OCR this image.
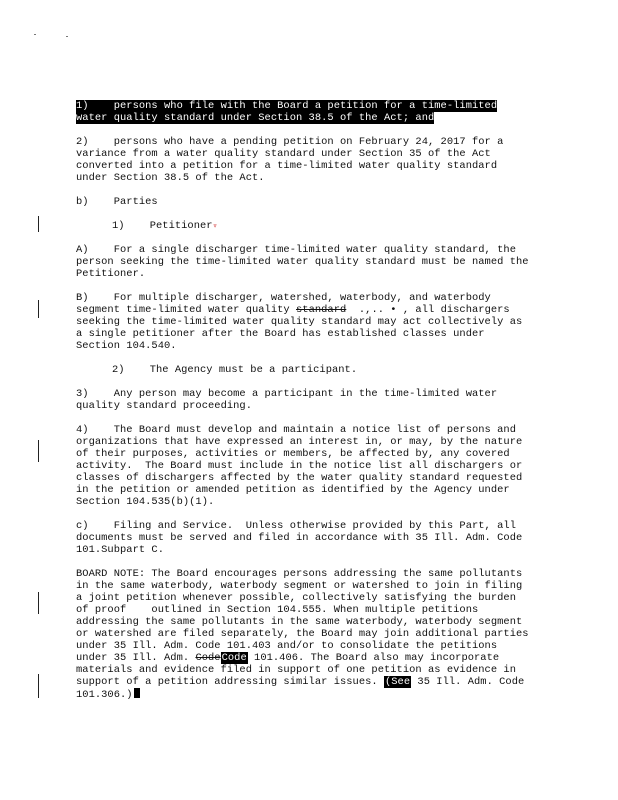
1)    persons who file with the Board a petition for a time-limited
water quality standard under Section 38.5 of the Act; and
2)    persons who have a pending petition on February 24, 2017 for a
variance from a water quality standard under Section 35 of the Act
converted into a petition for a time-limited water quality standard
under Section 38.5 of the Act.
b)    Parties
1)    Petitioner▿
A)    For a single discharger time-limited water quality standard, the
person seeking the time-limited water quality standard must be named the
Petitioner.
B)    For multiple discharger, watershed, waterbody, and waterbody
segment time-limited water quality standard  .,.. • , all dischargers
seeking the time-limited water quality standard may act collectively as
a single petitioner after the Board has established classes under
Section 104.540.
2)    The Agency must be a participant.
3)    Any person may become a participant in the time-limited water
quality standard proceeding.
4)    The Board must develop and maintain a notice list of persons and
organizations that have expressed an interest in, or may, by the nature
of their purposes, activities or members, be affected by, any covered
activity.  The Board must include in the notice list all dischargers or
classes of dischargers affected by the water quality standard requested
in the petition or amended petition as identified by the Agency under
Section 104.535(b)(1).
c)    Filing and Service.  Unless otherwise provided by this Part, all
documents must be served and filed in accordance with 35 Ill. Adm. Code
101.Subpart C.
BOARD NOTE: The Board encourages persons addressing the same pollutants
in the same waterbody, waterbody segment or watershed to join in filing
a joint petition whenever possible, collectively satisfying the burden
of proof    outlined in Section 104.555. When multiple petitions
addressing the same pollutants in the same waterbody, waterbody segment
or watershed are filed separately, the Board may join additional parties
under 35 Ill. Adm. Code 101.403 and/or to consolidate the petitions
under 35 Ill. Adm. CodeCode 101.406. The Board also may incorporate
materials and evidence filed in support of one petition as evidence in
support of a petition addressing similar issues. (See 35 Ill. Adm. Code
101.306.)
